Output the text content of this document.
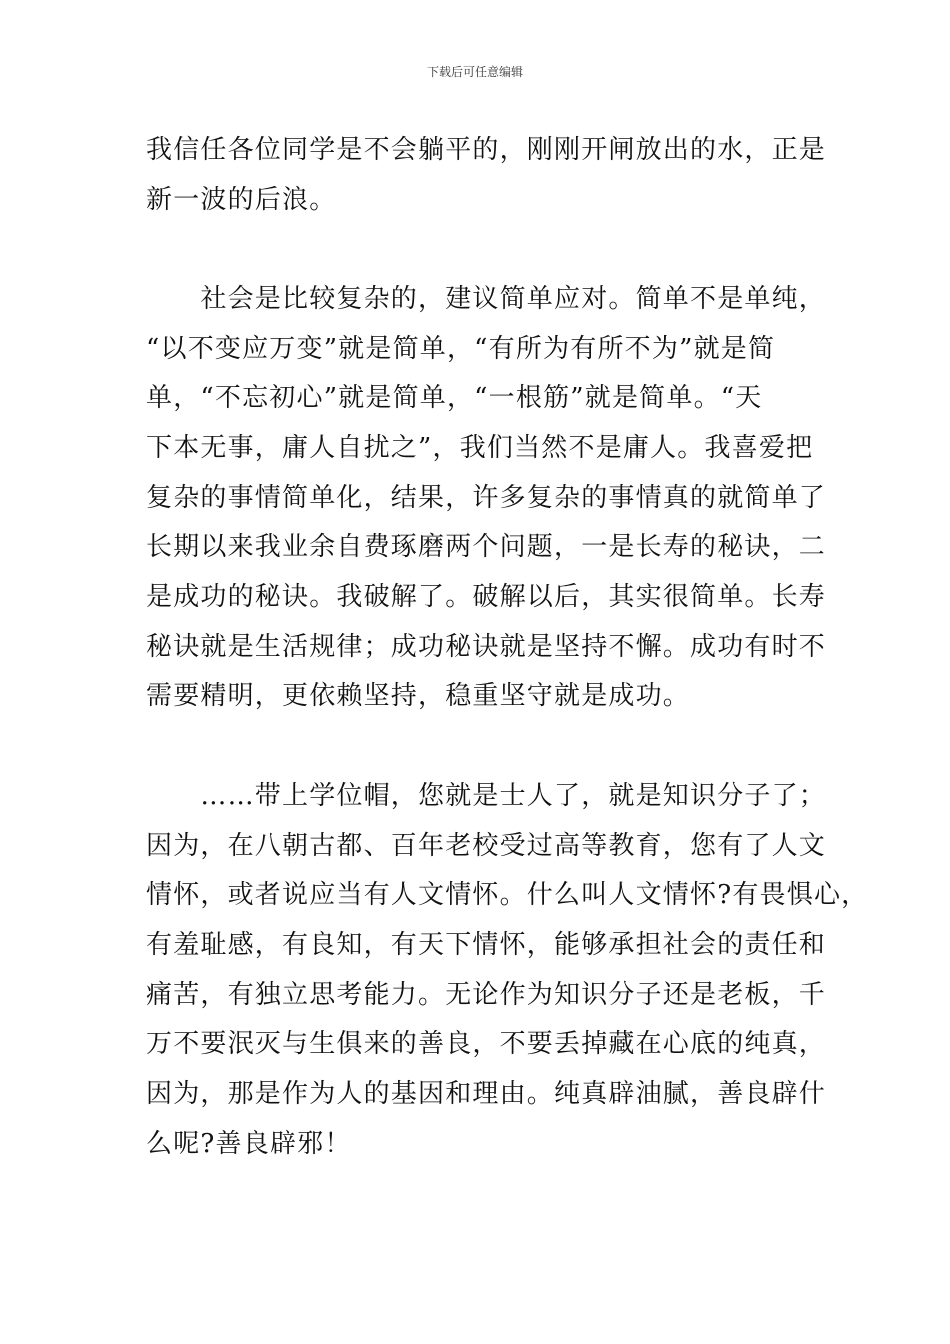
下载后可任意编辑
我信任各位同学是不会躺平的，刚刚开闸放出的水，正是
新一波的后浪。
　　社会是比较复杂的，建议简单应对。简单不是单纯，
“以不变应万变”就是简单，“有所为有所不为”就是简
单，“不忘初心”就是简单，“一根筋”就是简单。“天
下本无事，庸人自扰之”，我们当然不是庸人。我喜爱把
复杂的事情简单化，结果，许多复杂的事情真的就简单了
长期以来我业余自费琢磨两个问题，一是长寿的秘诀，二
是成功的秘诀。我破解了。破解以后，其实很简单。长寿
秘诀就是生活规律；成功秘诀就是坚持不懈。成功有时不
需要精明，更依赖坚持，稳重坚守就是成功。
　　……带上学位帽，您就是士人了，就是知识分子了；
因为，在八朝古都、百年老校受过高等教育，您有了人文
情怀，或者说应当有人文情怀。什么叫人文情怀?有畏惧心，
有羞耻感，有良知，有天下情怀，能够承担社会的责任和
痛苦，有独立思考能力。无论作为知识分子还是老板，千
万不要泯灭与生俱来的善良，不要丢掉藏在心底的纯真，
因为，那是作为人的基因和理由。纯真辟油腻，善良辟什
么呢?善良辟邪！
